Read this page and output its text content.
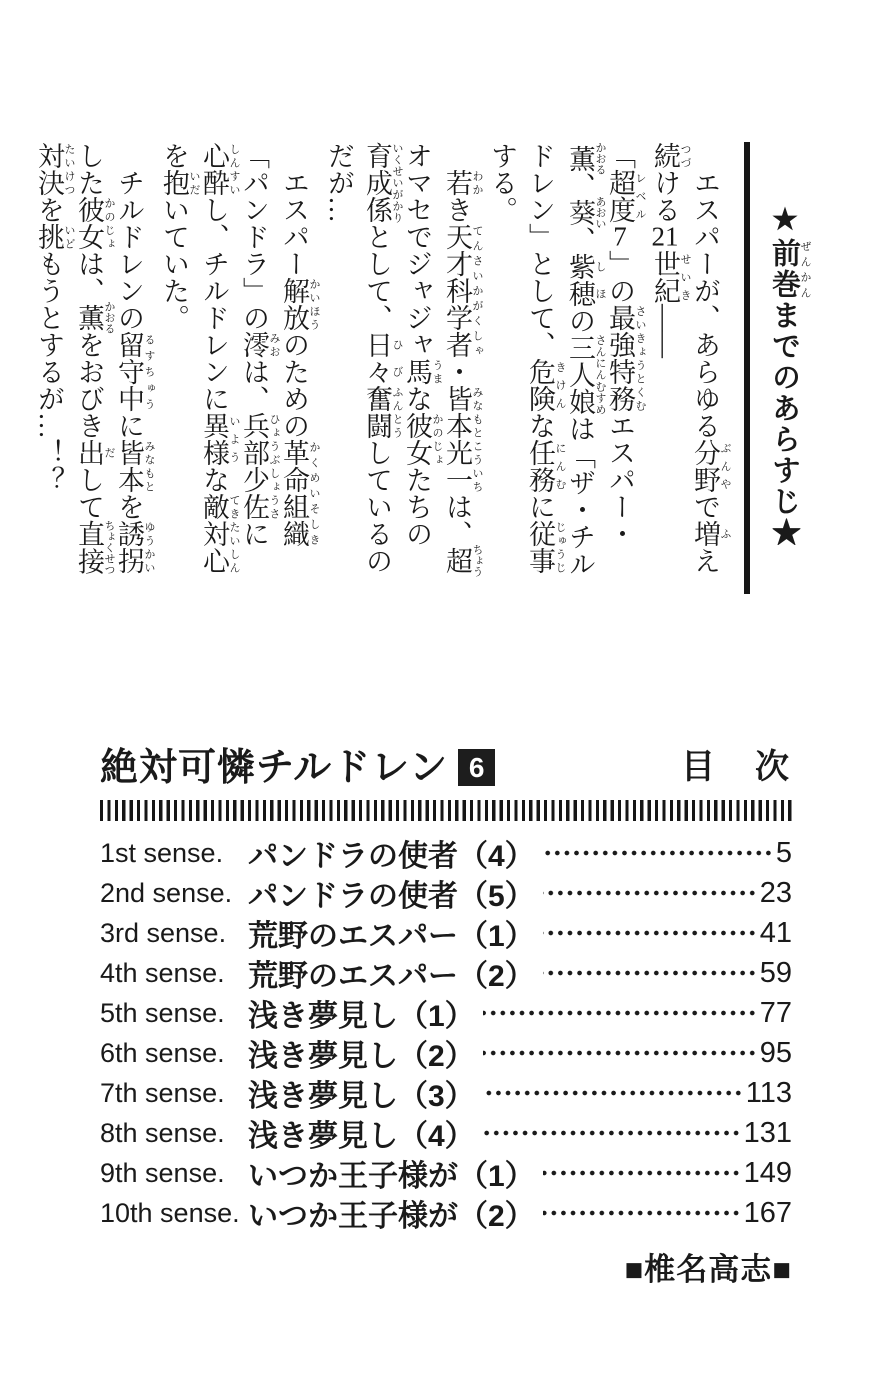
★前巻 ぜんかんまでのあらすじ★

エスパーが、あらゆる分野 ぶんやで増 ふえ続 つづける21世紀 せいき――

「超度 レベル7」の最強特務 さいきょうとくむエスパー・薫 かおる、葵 あおい、紫穂 しほの三人娘 さんにんむすめは「ザ・チルドレン」として、危険 きけんな任務 にんむに従事 じゅうじする。

若 わかき天才科学者 てんさいかがくしゃ・皆本光一 みなもとこういちは、超 ちょうオマセでジャジャ馬 うまな彼女 かのじょたちの育成係 いくせいがかりとして、日々 ひび奮闘 ふんとうしているのだが…

エスパー解放 かいほうのための革命組織 かくめいそしき「パンドラ」の澪 みおは、兵部少佐 ひょうぶしょうさに心酔 しんすいし、チルドレンに異様 いような敵対心 てきたいしんを抱 いだいていた。

チルドレンの留守中 るすちゅうに皆本 みなもとを誘拐 ゆうかいした彼女 かのじょは、薫 かおるをおびき出 だして直接 ちょくせつ対決 たいけつを挑 いどもうとするが…！？

絶対可憐チルドレン 6	目　次
1st sense. パンドラの使者（4）	5
2nd sense. パンドラの使者（5）	23
3rd sense. 荒野のエスパー（1）	41
4th sense. 荒野のエスパー（2）	59
5th sense. 浅き夢見し（1）	77
6th sense. 浅き夢見し（2）	95
7th sense. 浅き夢見し（3）	113
8th sense. 浅き夢見し（4）	131
9th sense. いつか王子様が（1）	149
10th sense. いつか王子様が（2）	167
■椎名高志■
